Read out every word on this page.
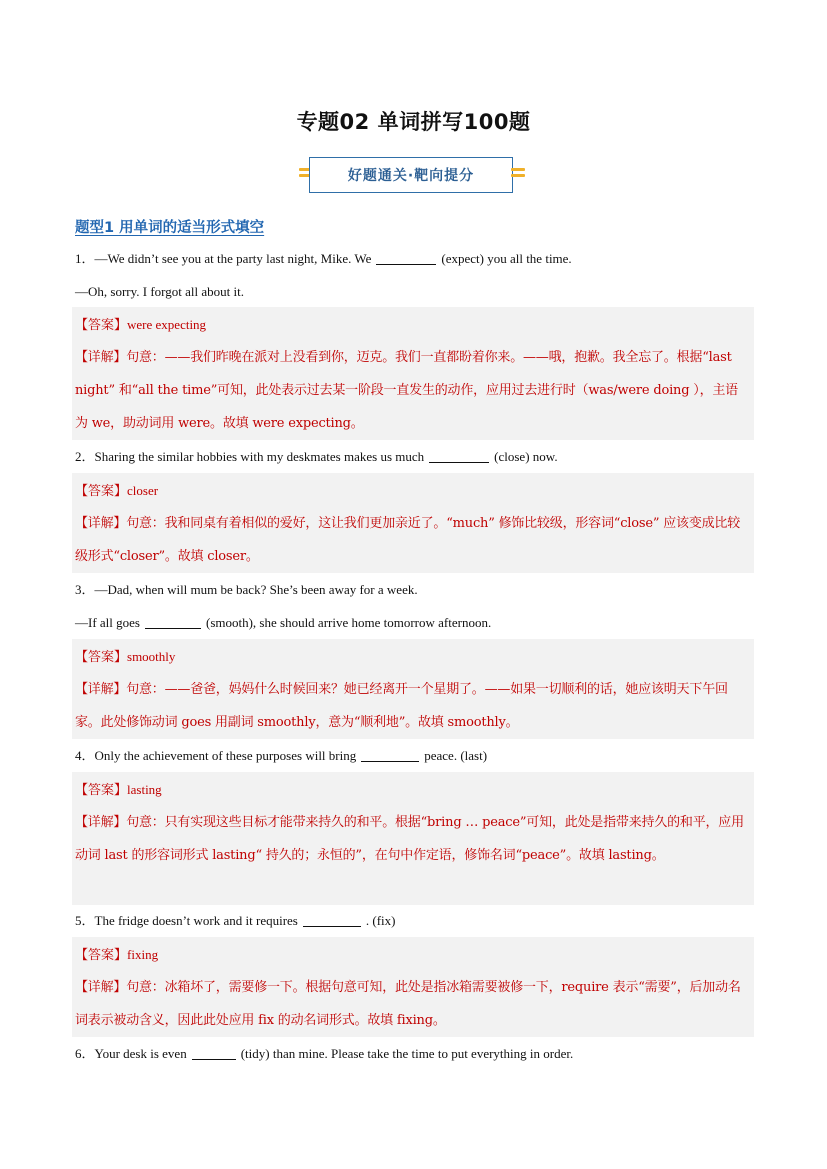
专题02 单词拼写100题
好题通关·靶向提分
题型1 用单词的适当形式填空
1．—We didn’t see you at the party last night, Mike. We	(expect) you all the time.
—Oh, sorry. I forgot all about it.
【答案】were expecting
【详解】句意：——我们昨晚在派对上没看到你，迈克。我们一直都盼着你来。——哦，抱歉。我全忘了。根据“last night” 和“all the time”可知，此处表示过去某一阶段一直发生的动作，应用过去进行时（was/were doing ），主语为 we，助动词用 were。故填 were expecting。
2．Sharing the similar hobbies with my deskmates makes us much	(close) now.
【答案】closer
【详解】句意：我和同桌有着相似的爱好，这让我们更加亲近了。“much” 修饰比较级，形容词“close” 应该变成比较级形式“closer”。故填 closer。
3．—Dad, when will mum be back? She’s been away for a week.
—If all goes	(smooth), she should arrive home tomorrow afternoon.
【答案】smoothly
【详解】句意：——爸爸，妈妈什么时候回来？她已经离开一个星期了。——如果一切顺利的话，她应该明天下午回家。此处修饰动词 goes 用副词 smoothly，意为“顺利地”。故填 smoothly。
4．Only the achievement of these purposes will bring	peace. (last)
【答案】lasting
【详解】句意：只有实现这些目标才能带来持久的和平。根据“bring … peace”可知，此处是指带来持久的和平，应用动词 last 的形容词形式 lasting“ 持久的；永恒的”，在句中作定语，修饰名词“peace”。故填 lasting。
5．The fridge doesn’t work and it requires	. (fix)
【答案】fixing
【详解】句意：冰箱坏了，需要修一下。根据句意可知，此处是指冰箱需要被修一下，require 表示“需要”，后加动名词表示被动含义，因此此处应用 fix 的动名词形式。故填 fixing。
6．Your desk is even	(tidy) than mine. Please take the time to put everything in order.
